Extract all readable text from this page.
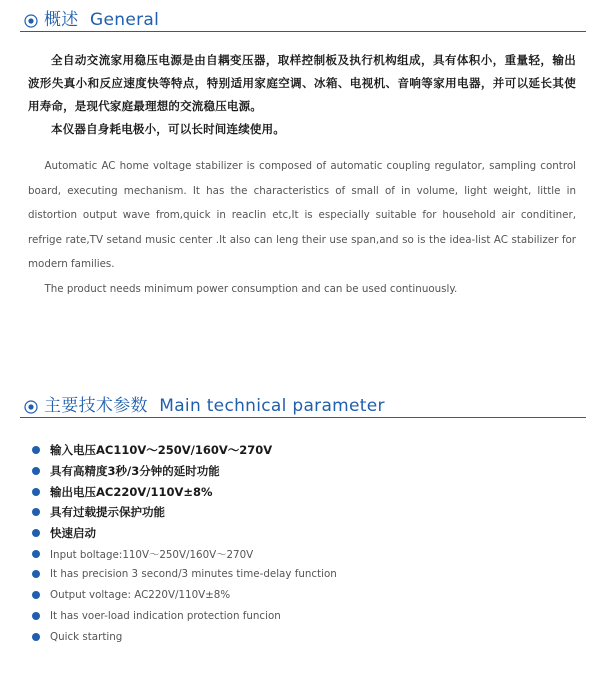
概述 General

全自动交流家用稳压电源是由自耦变压器，取样控制板及执行机构组成，具有体积小，重量轻，输出波形失真小和反应速度快等特点，特别适用家庭空调、冰箱、电视机、音响等家用电器，并可以延长其使用寿命，是现代家庭最理想的交流稳压电源。

本仪器自身耗电极小，可以长时间连续使用。

Automatic AC home voltage stabilizer is composed of automatic coupling regulator, sampling control board, executing mechanism. It has the characteristics of small of in volume, light weight, little in distortion output wave from,quick in reaclin etc,It is especially suitable for household air conditiner, refrige rate,TV setand music center .It also can leng their use span,and so is the idea-list AC stabilizer for modern families.

The product needs minimum power consumption and can be used continuously.

主要技术参数 Main technical parameter
输入电压AC110V～250V/160V～270V
具有高精度3秒/3分钟的延时功能
输出电压AC220V/110V±8%
具有过载提示保护功能
快速启动
Input boltage:110V～250V/160V～270V
It has precision 3 second/3 minutes time-delay function
Output voltage: AC220V/110V±8%
It has voer-load indication protection funcion
Quick starting
